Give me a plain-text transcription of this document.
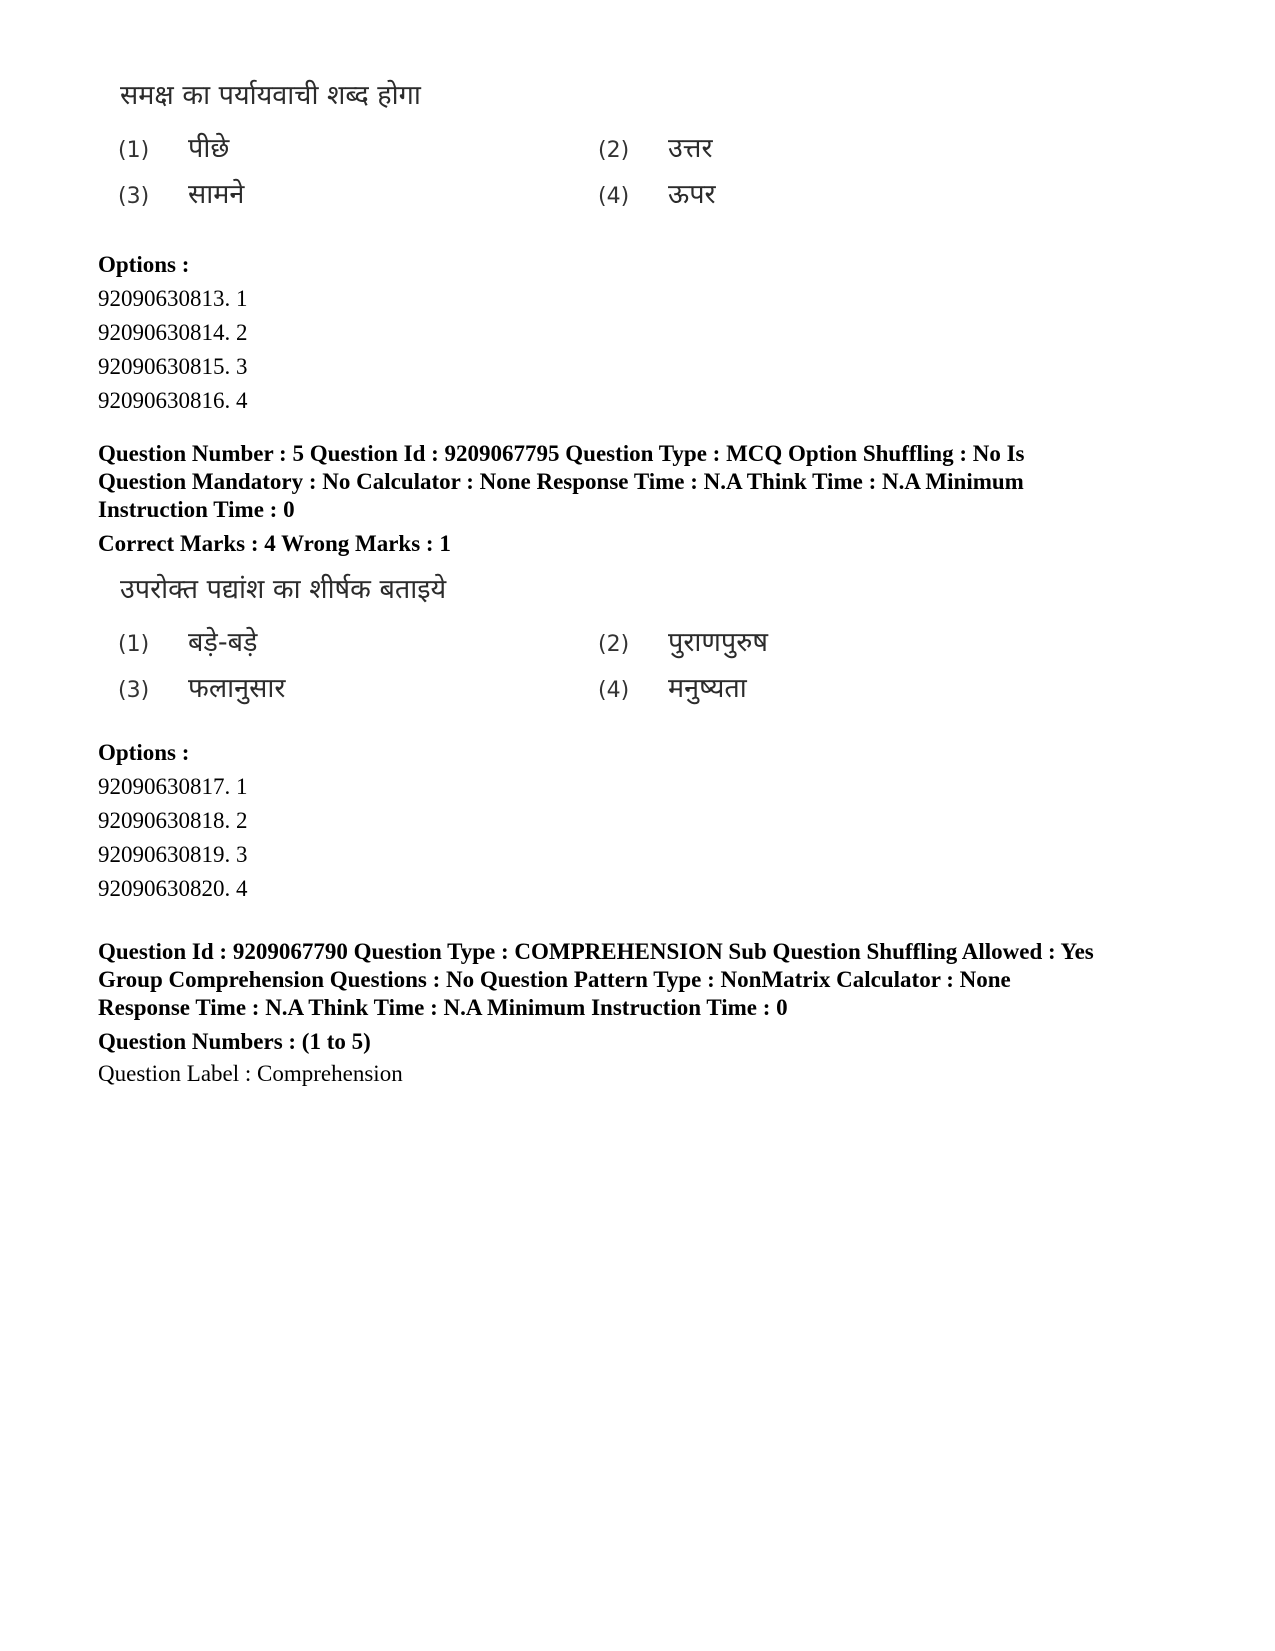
समक्ष का पर्यायवाची शब्द होगा
(1)	पीछे	(2)	उत्तर
(3)	सामने	(4)	ऊपर
Options :
92090630813. 1
92090630814. 2
92090630815. 3
92090630816. 4
Question Number : 5 Question Id : 9209067795 Question Type : MCQ Option Shuffling : No Is
Question Mandatory : No Calculator : None Response Time : N.A Think Time : N.A Minimum
Instruction Time : 0
Correct Marks : 4 Wrong Marks : 1
उपरोक्त पद्यांश का शीर्षक बताइये
(1)	बड़े-बड़े	(2)	पुराणपुरुष
(3)	फलानुसार	(4)	मनुष्यता
Options :
92090630817. 1
92090630818. 2
92090630819. 3
92090630820. 4
Question Id : 9209067790 Question Type : COMPREHENSION Sub Question Shuffling Allowed : Yes
Group Comprehension Questions : No Question Pattern Type : NonMatrix Calculator : None
Response Time : N.A Think Time : N.A Minimum Instruction Time : 0
Question Numbers : (1 to 5)
Question Label : Comprehension
